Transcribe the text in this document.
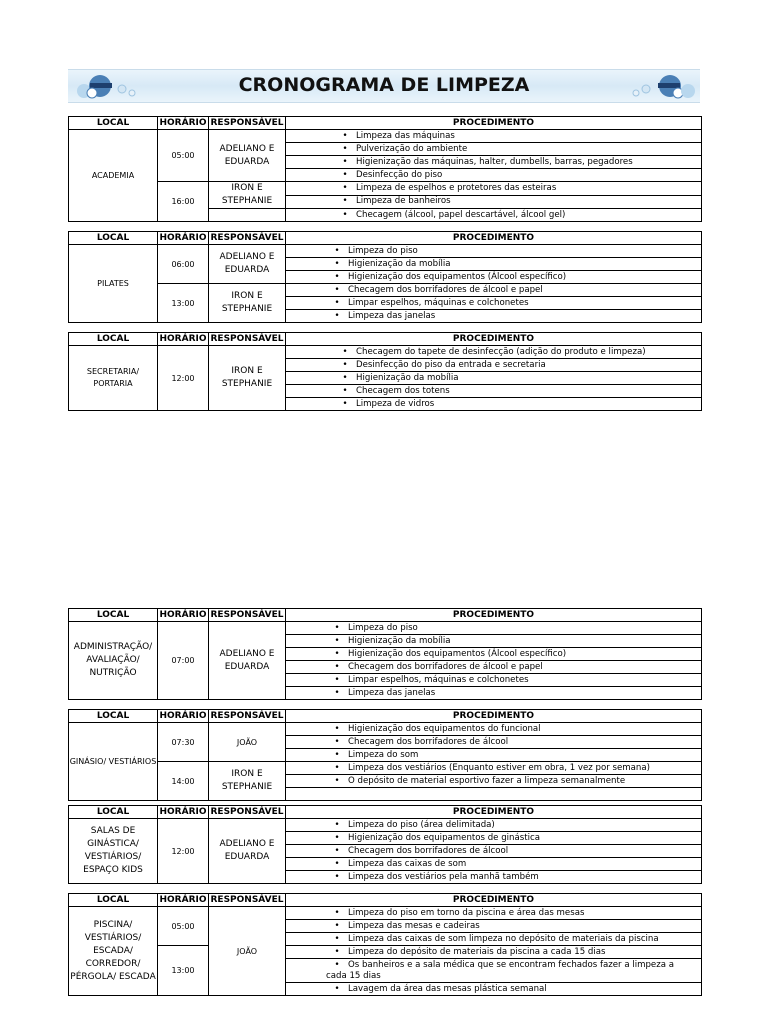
CRONOGRAMA DE LIMPEZA
LOCAL	HORÁRIO	RESPONSÁVEL	PROCEDIMENTO
ACADEMIA	05:00	ADELIANO E EDUARDA	• Limpeza das máquinas
			• Pulverização do ambiente
			• Higienização das máquinas, halter, dumbells, barras, pegadores
			• Desinfecção do piso
	16:00	IRON E STEPHANIE	• Limpeza de espelhos e protetores das esteiras
			• Limpeza de banheiros
			• Checagem (álcool, papel descartável, álcool gel)
LOCAL	HORÁRIO	RESPONSÁVEL	PROCEDIMENTO
PILATES	06:00	ADELIANO E EDUARDA	• Limpeza do piso
			• Higienização da mobília
			• Higienização dos equipamentos (Álcool específico)
	13:00	IRON E STEPHANIE	• Checagem dos borrifadores de álcool e papel
			• Limpar espelhos, máquinas e colchonetes
			• Limpeza das janelas
LOCAL	HORÁRIO	RESPONSÁVEL	PROCEDIMENTO
SECRETARIA/ PORTARIA	12:00	IRON E STEPHANIE	• Checagem do tapete de desinfecção (adição do produto e limpeza)
			• Desinfecção do piso da entrada e secretaria
			• Higienização da mobília
			• Checagem dos totens
			• Limpeza de vidros
LOCAL	HORÁRIO	RESPONSÁVEL	PROCEDIMENTO
ADMINISTRAÇÃO/ AVALIAÇÃO/ NUTRIÇÃO	07:00	ADELIANO E EDUARDA	• Limpeza do piso
			• Higienização da mobília
			• Higienização dos equipamentos (Álcool específico)
			• Checagem dos borrifadores de álcool e papel
			• Limpar espelhos, máquinas e colchonetes
			• Limpeza das janelas
LOCAL	HORÁRIO	RESPONSÁVEL	PROCEDIMENTO
GINÁSIO/ VESTIÁRIOS	07:30	JOÃO	• Higienização dos equipamentos do funcional
			• Checagem dos borrifadores de álcool
			• Limpeza do som
	14:00	IRON E STEPHANIE	• Limpeza dos vestiários (Enquanto estiver em obra, 1 vez por semana)
			• O depósito de material esportivo fazer a limpeza semanalmente

LOCAL	HORÁRIO	RESPONSÁVEL	PROCEDIMENTO
SALAS DE GINÁSTICA/ VESTIÁRIOS/ ESPAÇO KIDS	12:00	ADELIANO E EDUARDA	• Limpeza do piso (área delimitada)
			• Higienização dos equipamentos de ginástica
			• Checagem dos borrifadores de álcool
			• Limpeza das caixas de som
			• Limpeza dos vestiários pela manhã também
LOCAL	HORÁRIO	RESPONSÁVEL	PROCEDIMENTO
PISCINA/ VESTIÁRIOS/ ESCADA/ CORREDOR/ PÉRGOLA/ ESCADA	05:00	JOÃO	• Limpeza do piso em torno da piscina e área das mesas
			• Limpeza das mesas e cadeiras
			• Limpeza das caixas de som limpeza no depósito de materiais da piscina
	13:00		• Limpeza do depósito de materiais da piscina a cada 15 dias
			• Os banheiros e a sala médica que se encontram fechados fazer a limpeza a cada 15 dias
			• Lavagem da área das mesas plástica semanal
